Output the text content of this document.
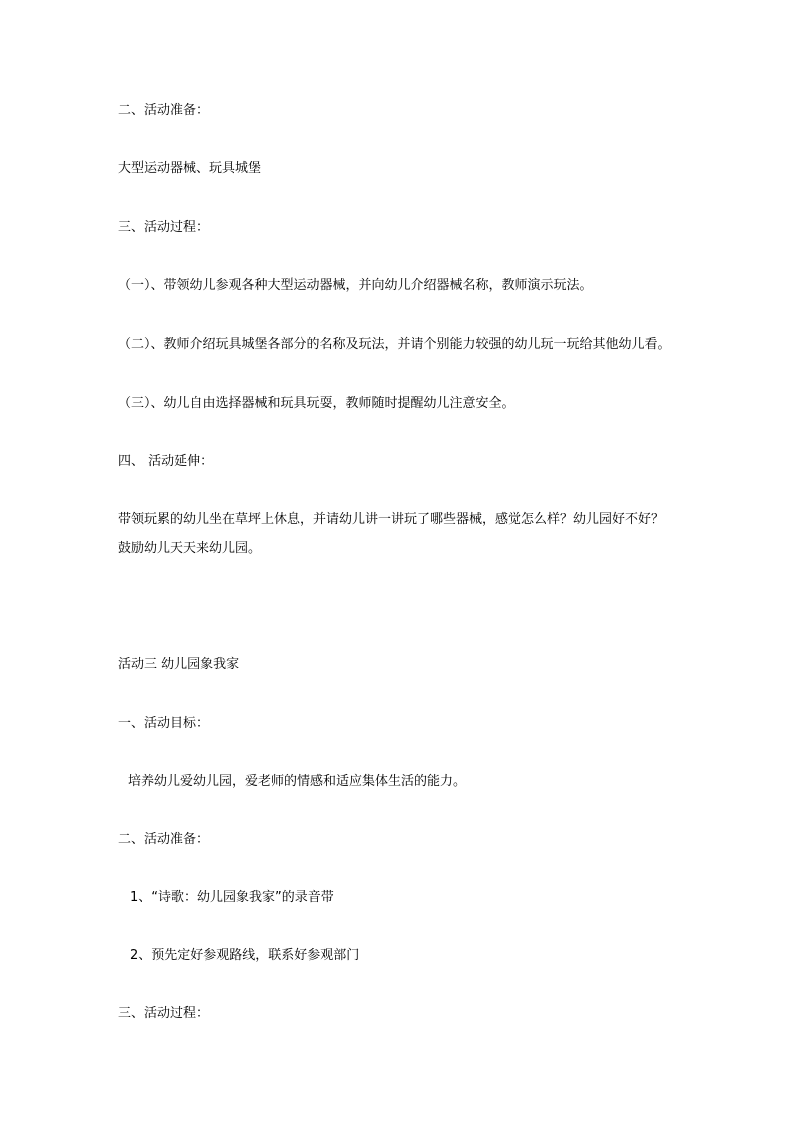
二、活动准备：
大型运动器械、玩具城堡
三、活动过程：
（一）、带领幼儿参观各种大型运动器械，并向幼儿介绍器械名称，教师演示玩法。
（二）、教师介绍玩具城堡各部分的名称及玩法，并请个别能力较强的幼儿玩一玩给其他幼儿看。
（三）、幼儿自由选择器械和玩具玩耍，教师随时提醒幼儿注意安全。
四、 活动延伸：
带领玩累的幼儿坐在草坪上休息，并请幼儿讲一讲玩了哪些器械，感觉怎么样？幼儿园好不好？
鼓励幼儿天天来幼儿园。
活动三 幼儿园象我家
一、活动目标：
培养幼儿爱幼儿园，爱老师的情感和适应集体生活的能力。
二、活动准备：
1、“诗歌：幼儿园象我家”的录音带
2、预先定好参观路线，联系好参观部门
三、活动过程：
